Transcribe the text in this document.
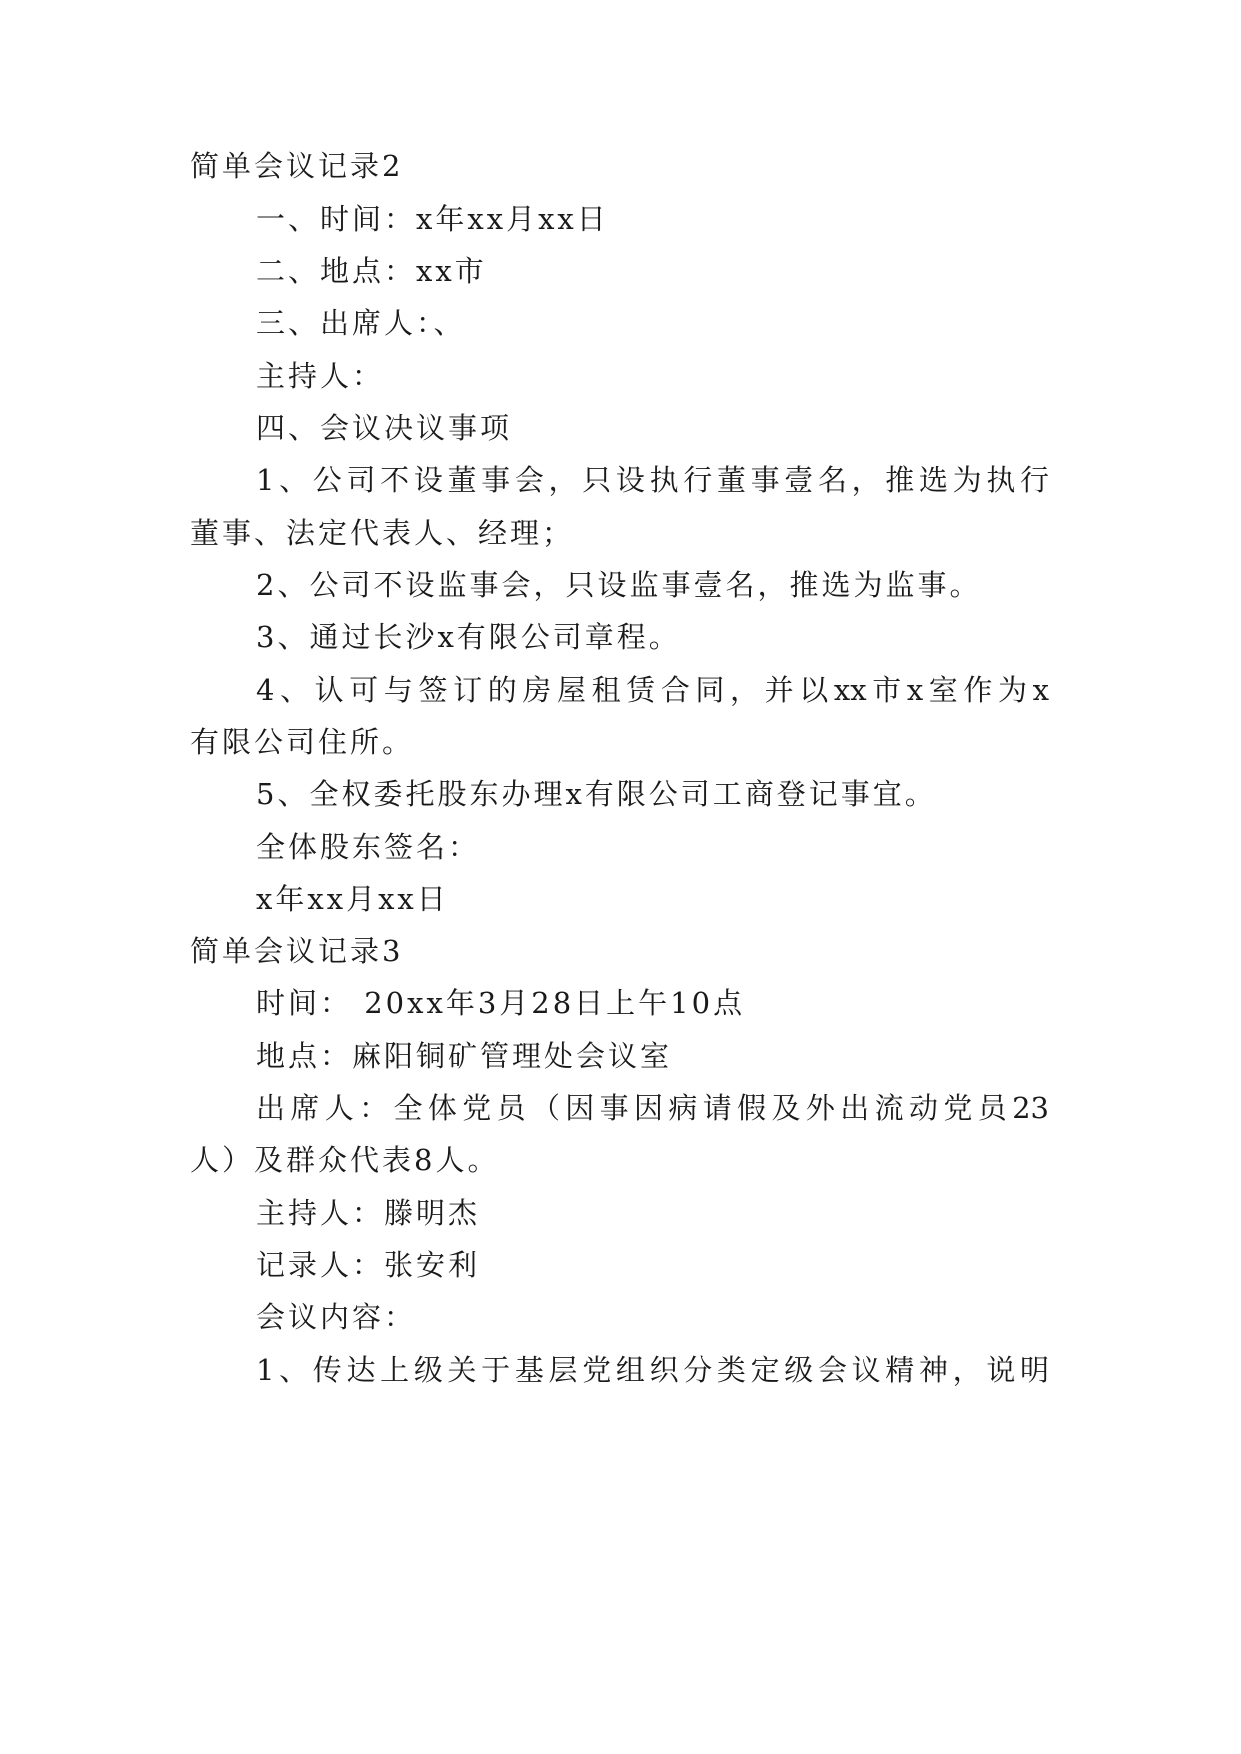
简单会议记录2
一、时间：x年xx月xx日
二、地点：xx市
三、出席人：、
主持人：
四、会议决议事项
1、公司不设董事会，只设执行董事壹名，推选为执行
董事、法定代表人、经理；
2、公司不设监事会，只设监事壹名，推选为监事。
3、通过长沙x有限公司章程。
4、认可与签订的房屋租赁合同，并以xx市x室作为x
有限公司住所。
5、全权委托股东办理x有限公司工商登记事宜。
全体股东签名：
x年xx月xx日
简单会议记录3
时间： 20xx年3月28日上午10点
地点：麻阳铜矿管理处会议室
出席人：全体党员（因事因病请假及外出流动党员23
人）及群众代表8人。
主持人：滕明杰
记录人：张安利
会议内容：
1、传达上级关于基层党组织分类定级会议精神，说明
